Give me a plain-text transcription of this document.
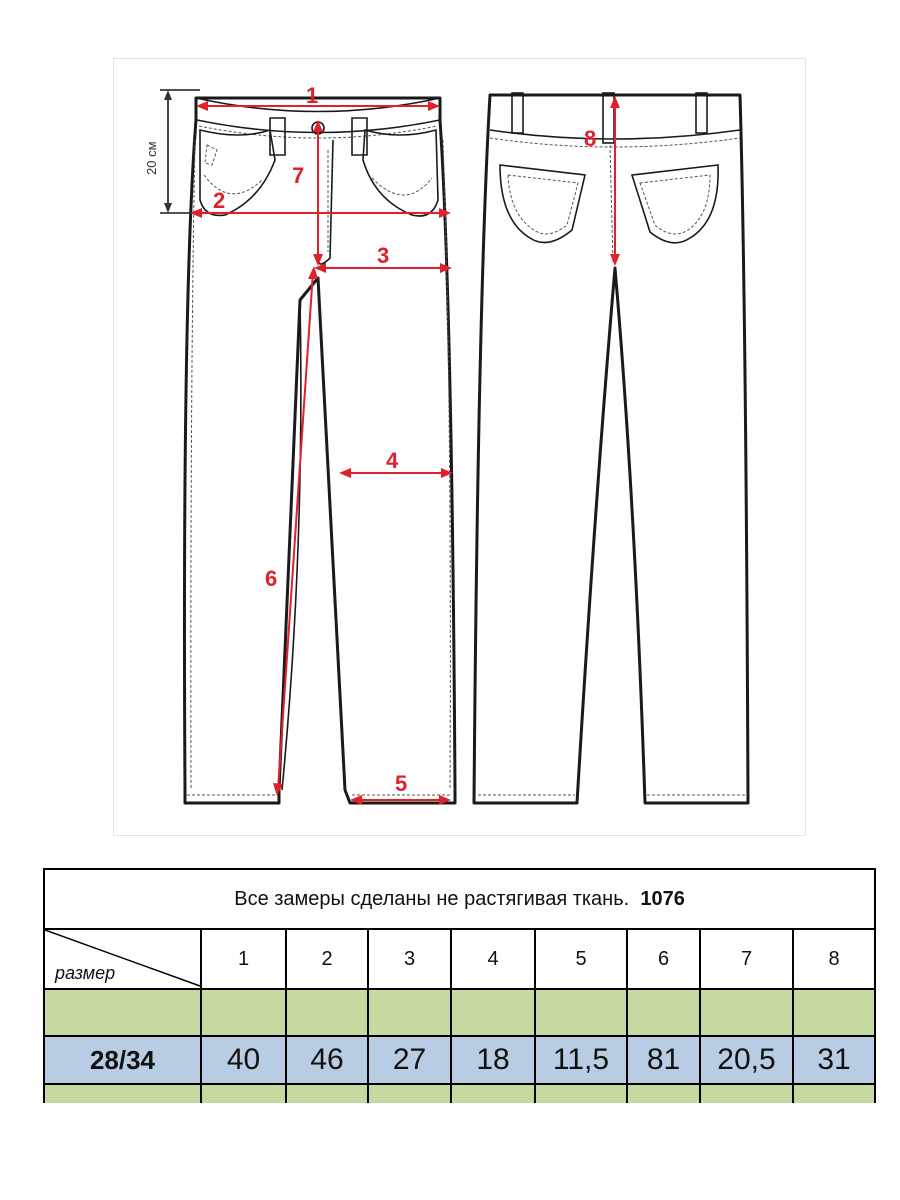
20 см
1
2
3
4
5
6
7
8
Все замеры сделаны не растягивая ткань. 1076								

размер	1	2	3	4	5	6	7	8

28/34	40	46	27	18	11,5	81	20,5	31
